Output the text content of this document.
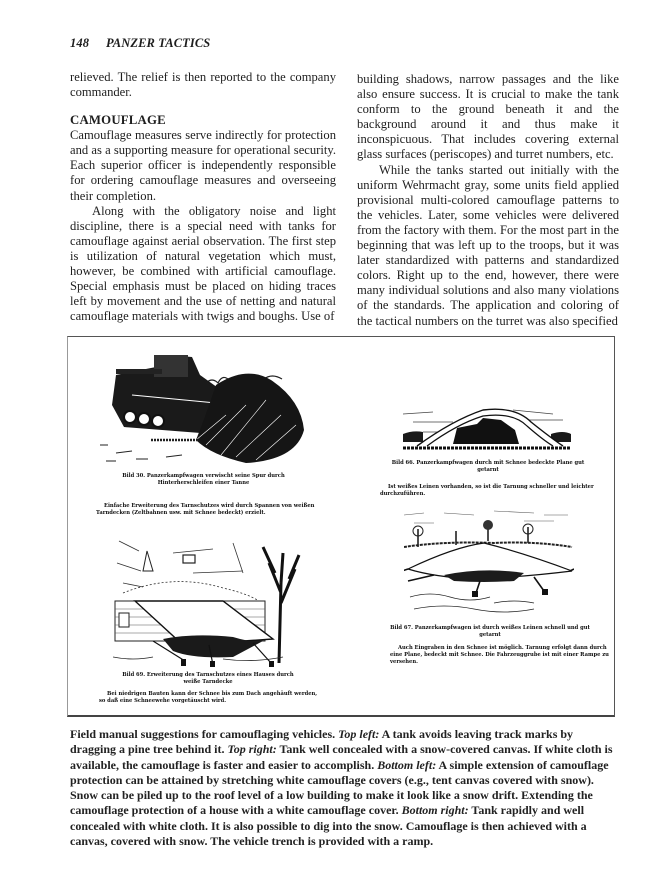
148 PANZER TACTICS

relieved. The relief is then reported to the company commander.

CAMOUFLAGE

Camouflage measures serve indirectly for protection and as a supporting measure for operational security. Each superior officer is independently responsible for ordering camouflage measures and overseeing their completion.

Along with the obligatory noise and light discipline, there is a special need with tanks for camouflage against aerial observation. The first step is utilization of natural vegetation which must, however, be combined with artificial camouflage. Special emphasis must be placed on hiding traces left by movement and the use of netting and natural camouflage materials with twigs and boughs. Use of

building shadows, narrow passages and the like also ensure success. It is crucial to make the tank conform to the ground beneath it and the background around it and thus make it inconspicuous. That includes covering external glass surfaces (periscopes) and turret numbers, etc.

While the tanks started out initially with the uniform Wehrmacht gray, some units field applied provisional multi-colored camouflage patterns to the vehicles. Later, some vehicles were delivered from the factory with them. For the most part in the beginning that was left up to the troops, but it was later standardized with patterns and standardized colors. Right up to the end, however, there were many individual solutions and also many violations of the standards. The application and coloring of the tactical numbers on the turret was also specified

Bild 30. Panzerkampfwagen verwischt seine Spur durch Hinterherschleifen einer Tanne
Einfache Erweiterung des Tarnschutzes wird durch Spannen von weißen Tarndecken (Zeltbahnen usw. mit Schnee bedeckt) erzielt.
Bild 69. Erweiterung des Tarnschutzes eines Hauses durch weiße Tarndecke
Bei niedrigen Bauten kann der Schnee bis zum Dach angehäuft werden, so daß eine Schneewehe vorgetäuscht wird.
Bild 66. Panzerkampfwagen durch mit Schnee bedeckte Plane gut getarnt
Ist weißes Leinen vorhanden, so ist die Tarnung schneller und leichter durchzuführen.
Bild 67. Panzerkampfwagen ist durch weißes Leinen schnell und gut getarnt
Auch Eingraben in den Schnee ist möglich. Tarnung erfolgt dann durch eine Plane, bedeckt mit Schnee. Die Fahrzeuggrube ist mit einer Rampe zu versehen.
Field manual suggestions for camouflaging vehicles. Top left: A tank avoids leaving track marks by dragging a pine tree behind it. Top right: Tank well concealed with a snow-covered canvas. If white cloth is available, the camouflage is faster and easier to accomplish. Bottom left: A simple extension of camouflage protection can be attained by stretching white camouflage covers (e.g., tent canvas covered with snow). Snow can be piled up to the roof level of a low building to make it look like a snow drift. Extending the camouflage protection of a house with a white camouflage cover. Bottom right: Tank rapidly and well concealed with white cloth. It is also possible to dig into the snow. Camouflage is then achieved with a canvas, covered with snow. The vehicle trench is provided with a ramp.
